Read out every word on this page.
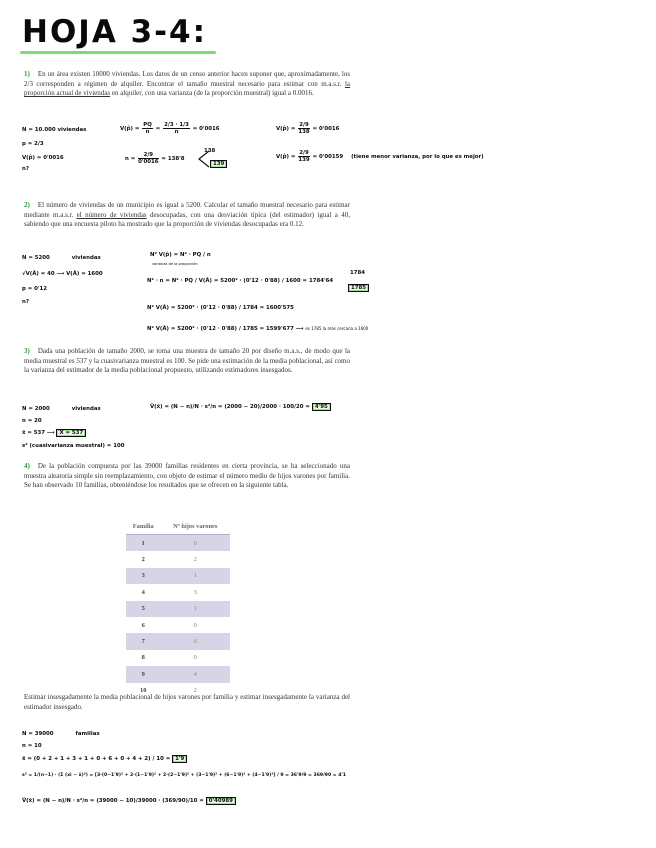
HOJA 3-4:
1) En un área existen 10000 viviendas. Los datos de un censo anterior hacen suponer que, aproximadamente, los 2/3 corresponden a régimen de alquiler. Encontrar el tamaño muestral necesario para estimar con m.a.s.r. la proporción actual de viviendas en alquiler, con una varianza (de la proporción muestral) igual a 0.0016.
N = 10.000 viviendas
p = 2/3
V(p̂) = 0'0016
n?
V(p̂) = $\frac{PQ}{n} = \frac{2/3 \cdot 1/3}{n} = 0'0016$
$n = \frac{2/9}{0'0016} = 138'8$
138
139
V(p̂) = $\frac{2/9}{138} = 0'0016$
V(p̂) = $\frac{2/9}{139} = 0'00159$ (tiene menor varianza, por lo que es mejor)
2) El número de viviendas de un municipio es igual a 5200. Calcular el tamaño muestral necesario para estimar mediante m.a.s.r. el número de viviendas desocupadas, con una desviación típica (del estimador) igual a 40, sabiendo que una encuesta piloto ha mostrado que la proporción de viviendas desocupadas era 0.12.
N = 5200	viviendas
√V(Â) = 40 ⟶ V(Â) = 1600
p = 0'12
n?
N² V(p̂) = N² · PQ / n
varianza de la proporción
N² · n = N² · PQ / V(Â) = 5200² · (0'12 · 0'88) / 1600 = 1784'64
1784
1785
N² V(Â) = 5200² · (0'12 · 0'88) / 1784 = 1600'575
N² V(Â) = 5200² · (0'12 · 0'88) / 1785 = 1599'677 ⟶ es 1785 la más cercana a 1600
3) Dada una población de tamaño 2000, se toma una muestra de tamaño 20 por diseño m.a.s., de modo que la media muestral es 537 y la cuasivarianza muestral es 100. Se pide una estimación de la media poblacional, así como la varianza del estimador de la media poblacional propuesto, utilizando estimadores insesgados.
N = 2000	viviendas
n = 20
x̄ = 537 ⟶ X̄ = 537
s² (cuasivarianza muestral) = 100
V̂(x̄) = (N − n)/N · s²/n = (2000 − 20)/2000 · 100/20 = 4'95
4) De la población compuesta por las 39000 familias residentes en cierta provincia, se ha seleccionado una muestra aleatoria simple sin reemplazamiento, con objeto de estimar el número medio de hijos varones por familia. Se han observado 10 familias, obteniéndose los resultados que se ofrecen en la siguiente tabla.
Familia	Nº hijos varones
1	0
2	2
3	1
4	3
5	1
6	0
7	6
8	0
9	4
10	2
Estimar insesgadamente la media poblacional de hijos varones por familia y estimar insesgadamente la varianza del estimador insesgado.
N = 39000	familias
n = 10
x̄ = (0 + 2 + 1 + 3 + 1 + 0 + 6 + 0 + 4 + 2) / 10 = 1'9
s² = 1/(n−1) · (Σ (xi − x̄)²) = [3·(0−1'9)² + 2·(1−1'9)² + 2·(2−1'9)² + (3−1'9)² + (6−1'9)² + (4−1'9)²] / 9 = 36'9/9 = 369/90 = 4'1
V̂(x̄) = (N − n)/N · s²/n = (39000 − 10)/39000 · (369/90)/10 = 0'40989
